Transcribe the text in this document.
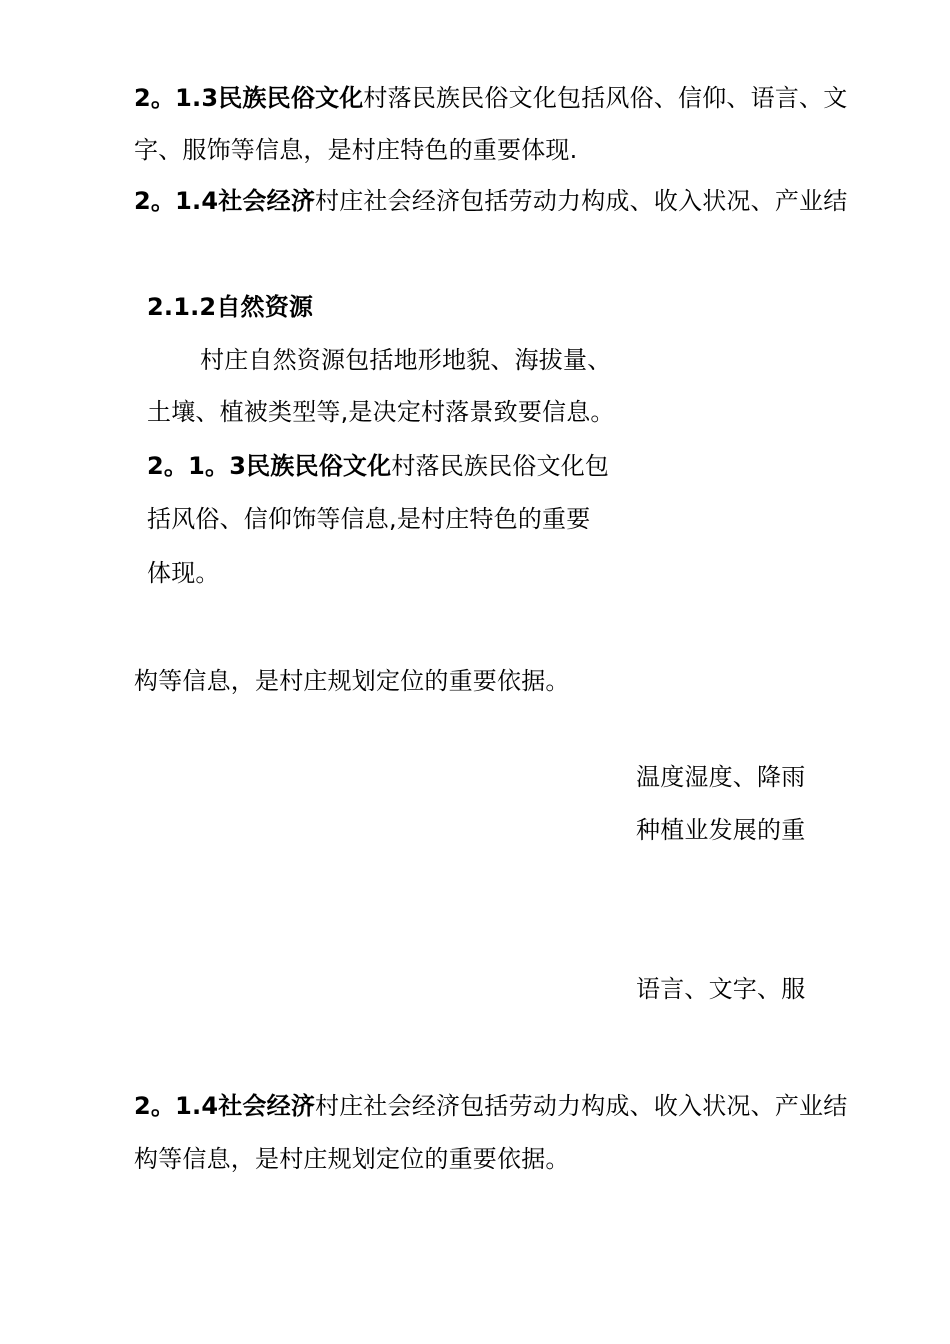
2。1.3民族民俗文化村落民族民俗文化包括风俗、信仰、语言、文
字、服饰等信息，是村庄特色的重要体现.
2。1.4社会经济村庄社会经济包括劳动力构成、收入状况、产业结
2.1.2自然资源
村庄自然资源包括地形地貌、海拔量、
土壤、植被类型等,是决定村落景致要信息。
2。1。3民族民俗文化村落民族民俗文化包
括风俗、信仰饰等信息,是村庄特色的重要
体现。
构等信息，是村庄规划定位的重要依据。
温度湿度、降雨
种植业发展的重
语言、文字、服
2。1.4社会经济村庄社会经济包括劳动力构成、收入状况、产业结
构等信息，是村庄规划定位的重要依据。
